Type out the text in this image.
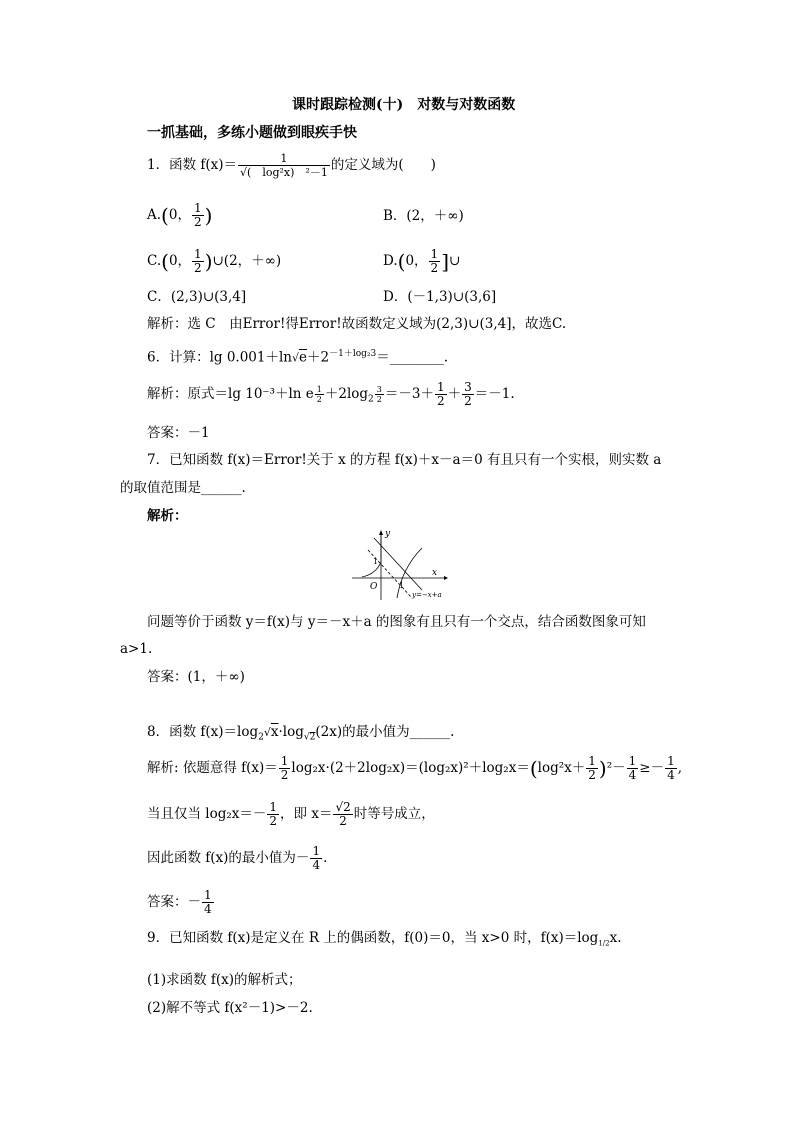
课时跟踪检测(十)　对数与对数函数
一抓基础，多练小题做到眼疾手快
1．函数 $f(x)= \frac{1}{\text{√(　log²x)　²－1}}$ 的定义域为(　　)
A.(0， $\frac{1}{2}$ )	B．(2，＋∞)
C.(0， $\frac{1}{2}$ )∪(2，＋∞)	D.(0， $\frac{1}{2}$ ]∪
C．(2,3)∪(3,4]	D．(－1,3)∪(3,6]
解析：选 C　由Error!得Error!故函数定义域为(2,3)∪(3,4]，故选C.
6．计算：$\lg 0.001+\ln√e+2^{-1+log_23}=\_\_\_\_\_\_\_\_$.
解析：原式＝lg 10⁻³＋ln e $\frac{1}{2} +2\log_2 \frac{3}{2} =-3+ \frac{1}{2} + \frac{3}{2} =-1$.
答案：－1
7．已知函数 f(x)＝Error!关于 x 的方程 f(x)＋x－a＝0 有且只有一个实根，则实数 a
的取值范围是______.
解析：
y
x
O
1
1
y=−x+a
问题等价于函数 y＝f(x)与 y＝－x＋a 的图象有且只有一个交点，结合函数图象可知
a>1.
答案：(1，＋∞)
8．函数 $f(x)=\log_2√x\cdot\log_{√2}(2x)$的最小值为______.
解析: 依题意得 $f(x)= \frac{1}{2} \log_2x\cdot(2+2\log_2x)=(\log_2x)^2+\log_2x=(\log^2x+ \frac{1}{2} )^2- \frac{1}{4} \ge- \frac{1}{4}$ ,
当且仅当 $\log_2x=- \frac{1}{2}$ ，即 $x= \frac{√2}{2}$ 时等号成立，
因此函数 f(x)的最小值为－ $\frac{1}{4}$ .
答案：－ $\frac{1}{4}$
9．已知函数 f(x)是定义在 R 上的偶函数，f(0)＝0，当 x>0 时，$f(x)=\log_{1/2}x$.
(1)求函数 f(x)的解析式；
(2)解不等式 f(x²－1)>－2.
